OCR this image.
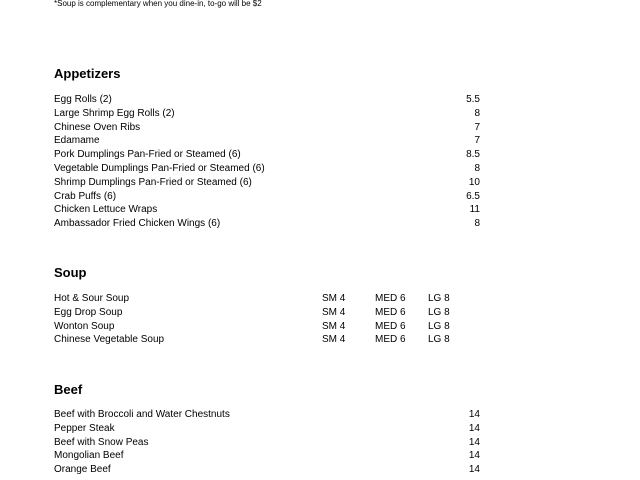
*Soup is complementary when you dine-in, to-go will be $2
Appetizers
Egg Rolls (2)	5.5
Large Shrimp Egg Rolls (2)	8
Chinese Oven Ribs	7
Edamame	7
Pork Dumplings Pan-Fried or Steamed (6)	8.5
Vegetable Dumplings Pan-Fried or Steamed (6)	8
Shrimp Dumplings Pan-Fried or Steamed (6)	10
Crab Puffs (6)	6.5
Chicken Lettuce Wraps	11
Ambassador Fried Chicken Wings (6)	8
Soup
Hot & Sour Soup	SM 4	MED 6 LG 8
Egg Drop Soup	SM 4	MED 6 LG 8
Wonton Soup	SM 4	MED 6 LG 8
Chinese Vegetable Soup	SM 4	MED 6 LG 8
Beef
Beef with Broccoli and Water Chestnuts	14
Pepper Steak	14
Beef with Snow Peas	14
Mongolian Beef	14
Orange Beef	14
